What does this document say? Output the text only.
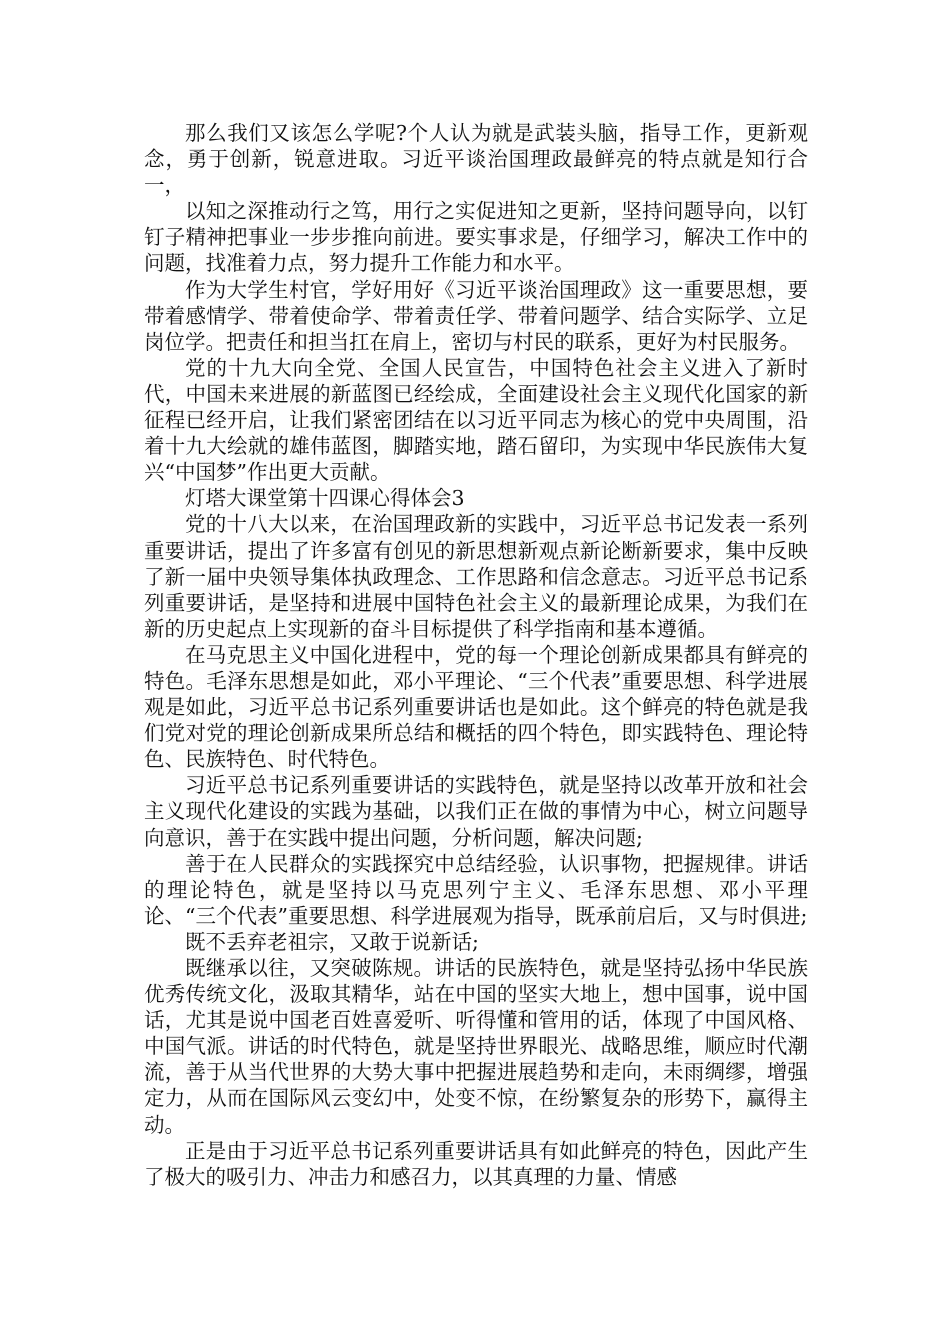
那么我们又该怎么学呢?个人认为就是武装头脑，指导工作，更新观念，勇于创新，锐意进取。习近平谈治国理政最鲜亮的特点就是知行合一，

以知之深推动行之笃，用行之实促进知之更新，坚持问题导向，以钉钉子精神把事业一步步推向前进。要实事求是，仔细学习，解决工作中的问题，找准着力点，努力提升工作能力和水平。

作为大学生村官，学好用好《习近平谈治国理政》这一重要思想，要带着感情学、带着使命学、带着责任学、带着问题学、结合实际学、立足岗位学。把责任和担当扛在肩上，密切与村民的联系，更好为村民服务。

党的十九大向全党、全国人民宣告，中国特色社会主义进入了新时代，中国未来进展的新蓝图已经绘成，全面建设社会主义现代化国家的新征程已经开启，让我们紧密团结在以习近平同志为核心的党中央周围，沿着十九大绘就的雄伟蓝图，脚踏实地，踏石留印，为实现中华民族伟大复兴“中国梦”作出更大贡献。

灯塔大课堂第十四课心得体会3

党的十八大以来，在治国理政新的实践中，习近平总书记发表一系列重要讲话，提出了许多富有创见的新思想新观点新论断新要求，集中反映了新一届中央领导集体执政理念、工作思路和信念意志。习近平总书记系列重要讲话，是坚持和进展中国特色社会主义的最新理论成果，为我们在新的历史起点上实现新的奋斗目标提供了科学指南和基本遵循。

在马克思主义中国化进程中，党的每一个理论创新成果都具有鲜亮的特色。毛泽东思想是如此，邓小平理论、“三个代表”重要思想、科学进展观是如此，习近平总书记系列重要讲话也是如此。这个鲜亮的特色就是我们党对党的理论创新成果所总结和概括的四个特色，即实践特色、理论特色、民族特色、时代特色。

习近平总书记系列重要讲话的实践特色，就是坚持以改革开放和社会主义现代化建设的实践为基础，以我们正在做的事情为中心，树立问题导向意识，善于在实践中提出问题，分析问题，解决问题;

善于在人民群众的实践探究中总结经验，认识事物，把握规律。讲话的理论特色，就是坚持以马克思列宁主义、毛泽东思想、邓小平理论、“三个代表”重要思想、科学进展观为指导，既承前启后，又与时俱进;

既不丢弃老祖宗，又敢于说新话;

既继承以往，又突破陈规。讲话的民族特色，就是坚持弘扬中华民族优秀传统文化，汲取其精华，站在中国的坚实大地上，想中国事，说中国话，尤其是说中国老百姓喜爱听、听得懂和管用的话，体现了中国风格、中国气派。讲话的时代特色，就是坚持世界眼光、战略思维，顺应时代潮流，善于从当代世界的大势大事中把握进展趋势和走向，未雨绸缪，增强定力，从而在国际风云变幻中，处变不惊，在纷繁复杂的形势下，赢得主动。

正是由于习近平总书记系列重要讲话具有如此鲜亮的特色，因此产生了极大的吸引力、冲击力和感召力，以其真理的力量、情感
